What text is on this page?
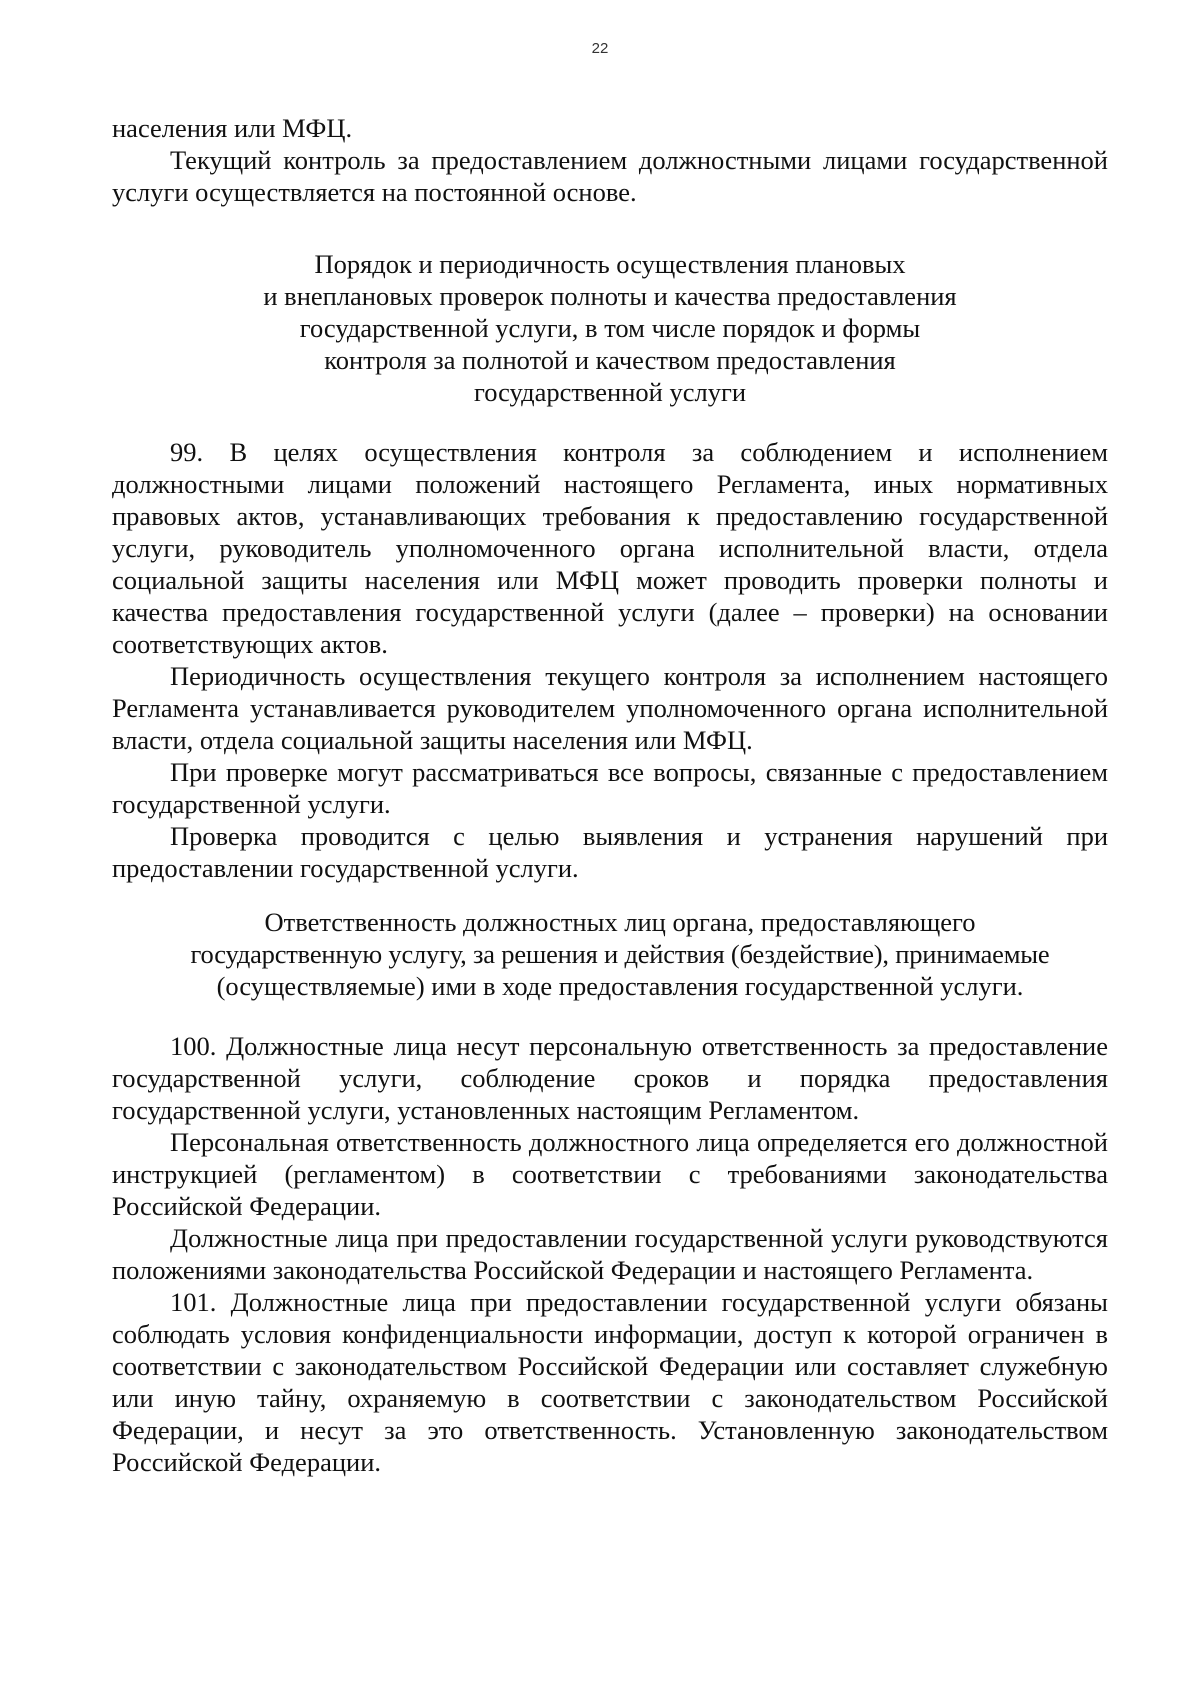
22

населения или МФЦ.

Текущий контроль за предоставлением должностными лицами государственной услуги осуществляется на постоянной основе.

Порядок и периодичность осуществления плановых
и внеплановых проверок полноты и качества предоставления
государственной услуги, в том числе порядок и формы
контроля за полнотой и качеством предоставления
государственной услуги

99. В целях осуществления контроля за соблюдением и исполнением должностными лицами положений настоящего Регламента, иных нормативных правовых актов, устанавливающих требования к предоставлению государственной услуги, руководитель уполномоченного органа исполнительной власти, отдела социальной защиты населения или МФЦ может проводить проверки полноты и качества предоставления государственной услуги (далее – проверки) на основании соответствующих актов.

Периодичность осуществления текущего контроля за исполнением настоящего Регламента устанавливается руководителем уполномоченного органа исполнительной власти, отдела социальной защиты населения или МФЦ.

При проверке могут рассматриваться все вопросы, связанные с предоставлением государственной услуги.

Проверка проводится с целью выявления и устранения нарушений при предоставлении государственной услуги.

Ответственность должностных лиц органа, предоставляющего
государственную услугу, за решения и действия (бездействие), принимаемые
(осуществляемые) ими в ходе предоставления государственной услуги.

100. Должностные лица несут персональную ответственность за предоставление государственной услуги, соблюдение сроков и порядка предоставления государственной услуги, установленных настоящим Регламентом.

Персональная ответственность должностного лица определяется его должностной инструкцией (регламентом) в соответствии с требованиями законодательства Российской Федерации.

Должностные лица при предоставлении государственной услуги руководствуются положениями законодательства Российской Федерации и настоящего Регламента.

101. Должностные лица при предоставлении государственной услуги обязаны соблюдать условия конфиденциальности информации, доступ к которой ограничен в соответствии с законодательством Российской Федерации или составляет служебную или иную тайну, охраняемую в соответствии с законодательством Российской Федерации, и несут за это ответственность. Установленную законодательством Российской Федерации.
